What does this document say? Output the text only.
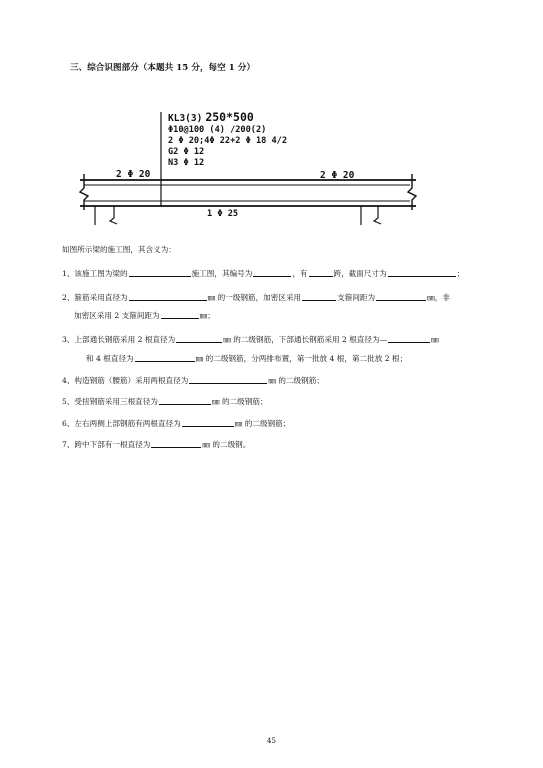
三、综合识图部分（本题共 15 分，每空 1 分）
KL3(3) 250*500
Φ10@100 (4) /200(2)
2 Φ 20;4Φ 22+2 Φ 18 4/2
G2 Φ 12
N3 Φ 12
2 Φ 20	2 Φ 20
1 Φ 25
如图所示梁的施工图，其含义为：
1、该施工图为梁的	施工图，其编号为	，有	跨，截面尺寸为	；
2、箍筋采用直径为	㎜ 的一级钢筋，加密区采用	支箍间距为	㎜，非
加密区采用 2 支箍间距为	㎜；
3、上部通长钢筋采用 2 根直径为	㎜ 的二级钢筋，下部通长钢筋采用 2 根直径为—	㎜
和 4 根直径为	㎜ 的二级钢筋，分两排布置，第一批放 4 根，第二批放 2 根；
4、构造钢筋（腰筋）采用两根直径为	㎜ 的二级钢筋；
5、受扭钢筋采用三根直径为	㎜ 的二级钢筋；
6、左右两侧上部钢筋有两根直径为	㎜ 的二级钢筋；
7、跨中下部有一根直径为	㎜ 的二级钢。
45
